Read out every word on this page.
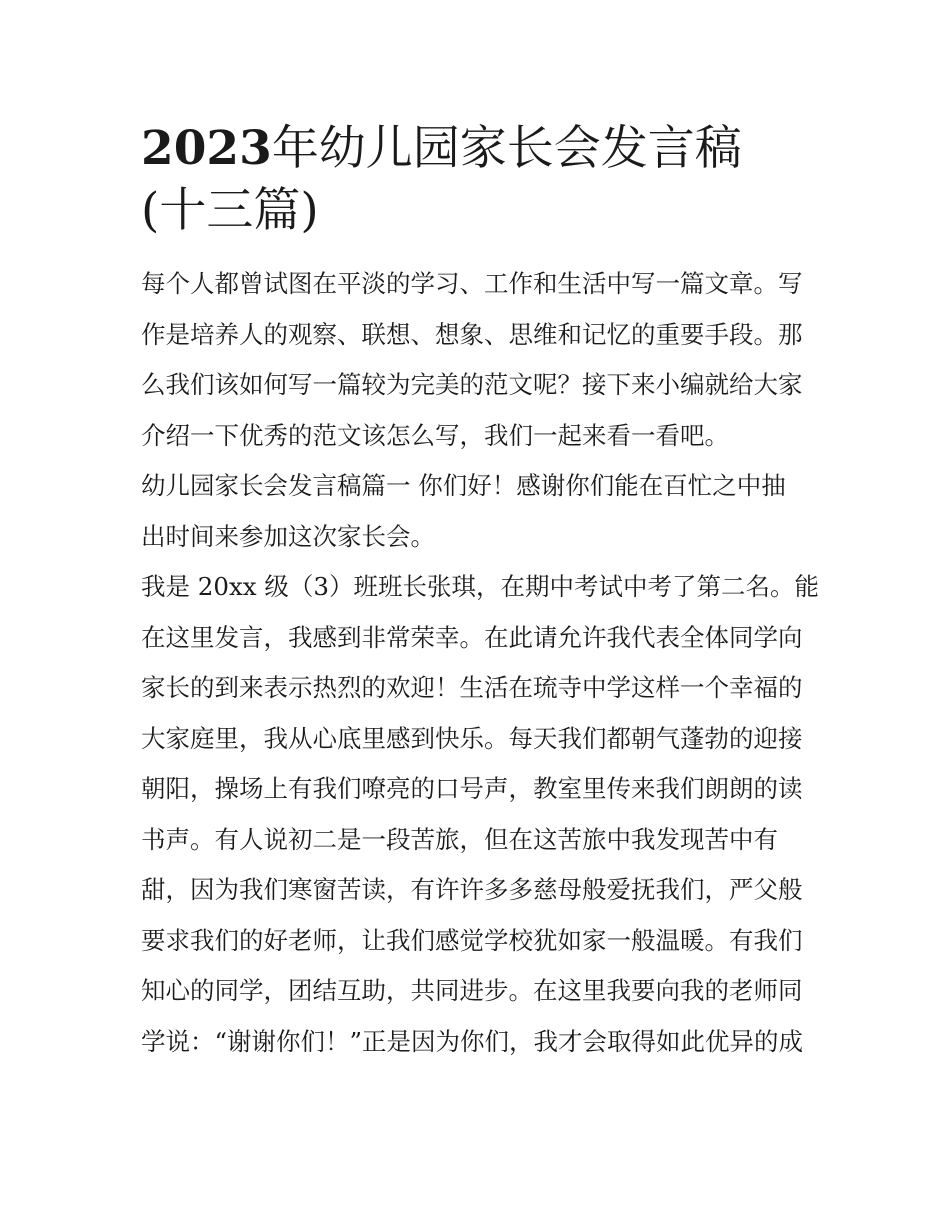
2023年幼儿园家长会发言稿
(十三篇)
每个人都曾试图在平淡的学习、工作和生活中写一篇文章。写
作是培养人的观察、联想、想象、思维和记忆的重要手段。那
么我们该如何写一篇较为完美的范文呢？接下来小编就给大家
介绍一下优秀的范文该怎么写，我们一起来看一看吧。
幼儿园家长会发言稿篇一 你们好！感谢你们能在百忙之中抽
出时间来参加这次家长会。
我是 20xx 级（3）班班长张琪，在期中考试中考了第二名。能
在这里发言，我感到非常荣幸。在此请允许我代表全体同学向
家长的到来表示热烈的欢迎！生活在琉寺中学这样一个幸福的
大家庭里，我从心底里感到快乐。每天我们都朝气蓬勃的迎接
朝阳，操场上有我们嘹亮的口号声，教室里传来我们朗朗的读
书声。有人说初二是一段苦旅，但在这苦旅中我发现苦中有
甜，因为我们寒窗苦读，有许许多多慈母般爱抚我们，严父般
要求我们的好老师，让我们感觉学校犹如家一般温暖。有我们
知心的同学，团结互助，共同进步。在这里我要向我的老师同
学说：“谢谢你们！”正是因为你们，我才会取得如此优异的成
